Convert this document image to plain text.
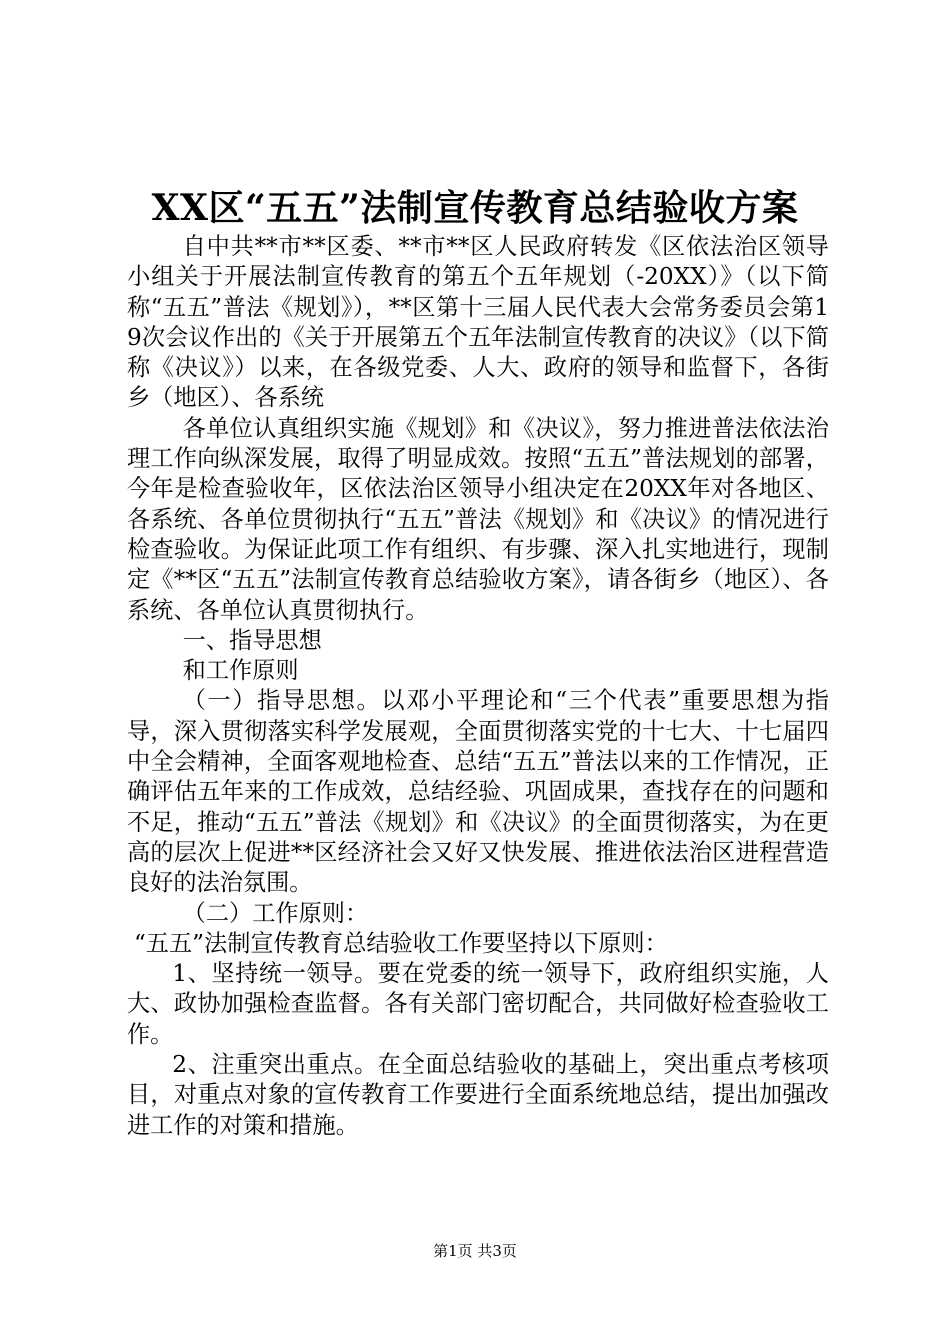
XX区“五五”法制宣传教育总结验收方案

自中共**市**区委、**市**区人民政府转发《区依法治区领导小组关于开展法制宣传教育的第五个五年规划（-20XX）》（以下简称“五五”普法《规划》），**区第十三届人民代表大会常务委员会第19次会议作出的《关于开展第五个五年法制宣传教育的决议》（以下简称《决议》）以来，在各级党委、人大、政府的领导和监督下，各街乡（地区）、各系统

各单位认真组织实施《规划》和《决议》，努力推进普法依法治理工作向纵深发展，取得了明显成效。按照“五五”普法规划的部署，今年是检查验收年，区依法治区领导小组决定在20XX年对各地区、各系统、各单位贯彻执行“五五”普法《规划》和《决议》的情况进行检查验收。为保证此项工作有组织、有步骤、深入扎实地进行，现制定《**区“五五”法制宣传教育总结验收方案》，请各街乡（地区）、各系统、各单位认真贯彻执行。

一、指导思想

和工作原则

（一）指导思想。以邓小平理论和“三个代表”重要思想为指导，深入贯彻落实科学发展观，全面贯彻落实党的十七大、十七届四中全会精神，全面客观地检查、总结“五五”普法以来的工作情况，正确评估五年来的工作成效，总结经验、巩固成果，查找存在的问题和不足，推动“五五”普法《规划》和《决议》的全面贯彻落实，为在更高的层次上促进**区经济社会又好又快发展、推进依法治区进程营造良好的法治氛围。

（二）工作原则：

“五五”法制宣传教育总结验收工作要坚持以下原则：

1、坚持统一领导。要在党委的统一领导下，政府组织实施，人大、政协加强检查监督。各有关部门密切配合，共同做好检查验收工作。

2、注重突出重点。在全面总结验收的基础上，突出重点考核项目，对重点对象的宣传教育工作要进行全面系统地总结，提出加强改进工作的对策和措施。

第1页 共3页
